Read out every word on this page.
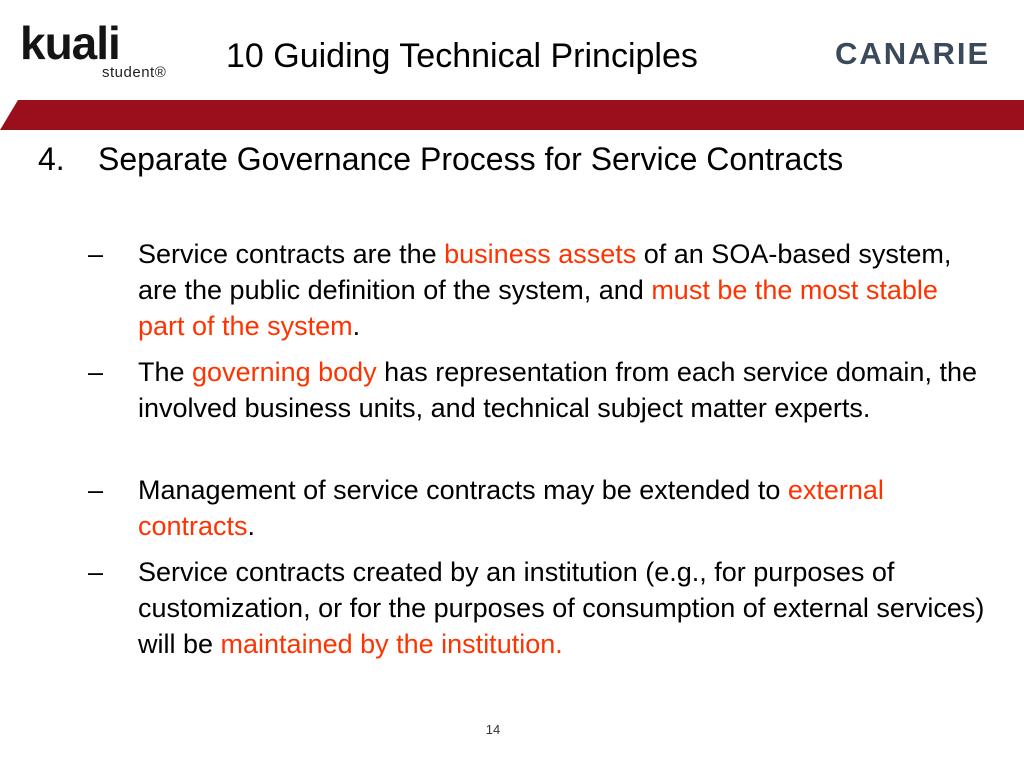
kuali
student® 10 Guiding Technical Principles	CANARIE
4. Separate Governance Process for Service Contracts
– Service contracts are the business assets of an SOA-based system, are the public definition of the system, and must be the most stable part of the system.
– The governing body has representation from each service domain, the involved business units, and technical subject matter experts.
– Management of service contracts may be extended to external contracts.
– Service contracts created by an institution (e.g., for purposes of customization, or for the purposes of consumption of external services) will be maintained by the institution.
14
